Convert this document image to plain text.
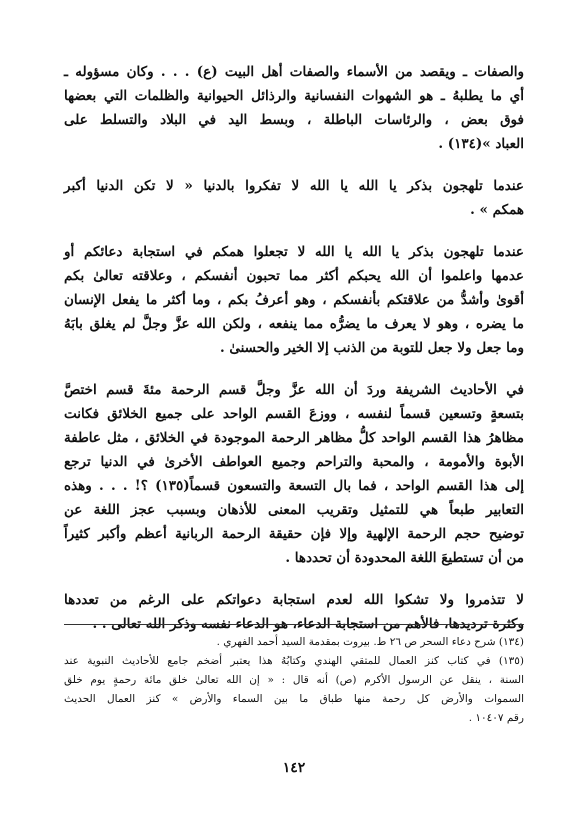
والصفات ـ ويقصد من الأسماء والصفات أهل البيت (ع) . . . وكان مسؤوله ـ
أي ما يطلبهُ ـ هو الشهوات النفسانية والرذائل الحيوانية والظلمات التي بعضها
فوق بعض ، والرئاسات الباطلة ، وبسط اليد في البلاد والتسلط على
العباد »(١٣٤) .

عندما تلهجون بذكر يا الله يا الله لا تفكروا بالدنيا « لا تكن الدنيا أكبر
همكم » .

عندما تلهجون بذكر يا الله يا الله لا تجعلوا همكم في استجابة دعائكم أو
عدمها واعلموا أن الله يحبكم أكثر مما تحبون أنفسكم ، وعلاقته تعالىٰ بكم
أقوىٰ وأشدُّ من علاقتكم بأنفسكم ، وهو أعرفُ بكم ، وما أكثر ما يفعل الإنسان
ما يضره ، وهو لا يعرف ما يضرُّه مما ينفعه ، ولكن الله عزَّ وجلَّ لم يغلق بابَهُ
وما جعل ولا جعل للتوبة من الذنب إلا الخير والحسنىٰ .

في الأحاديث الشريفة وردَ أن الله عزَّ وجلَّ قسم الرحمة مئةَ قسم اختصَّ
بتسعةٍ وتسعين قسماً لنفسه ، ووزعَ القسم الواحد على جميع الخلائق فكانت
مظاهرُ هذا القسم الواحد كلُّ مظاهر الرحمة الموجودة في الخلائق ، مثل عاطفة
الأبوة والأمومة ، والمحبة والتراحم وجميع العواطف الأخرىٰ في الدنيا ترجع
إلى هذا القسم الواحد ، فما بال التسعة والتسعون قسماً(١٣٥) ؟! . . . وهذه
التعابير طبعاً هي للتمثيل وتقريب المعنى للأذهان وبسبب عجز اللغة عن
توضيح حجم الرحمة الإلهية وإلا فإن حقيقة الرحمة الربانية أعظم وأكبر كثيراً
من أن تستطيعَ اللغة المحدودة أن تحددها .

لا تتذمروا ولا تشكوا الله لعدم استجابة دعواتكم على الرغم من تعددها
وكثرة ترديدها، فالأهم من استجابة الدعاء، هو الدعاء نفسه وذكر الله تعالى . .

(١٣٤) شرح دعاء السحر ص ٢٦ ط. بيروت بمقدمة السيد أحمد الفهري .
(١٣٥) في كتاب كنز العمال للمتقي الهندي وكتابُهُ هذا يعتبر أضخم جامع للأحاديث النبوية عند
السنة ، ينقل عن الرسول الأكرم (ص) أنه قال : « إن الله تعالىٰ خلق مائة رحمةٍ يوم خلق
السموات والأرض كل رحمة منها طباق ما بين السماء والأرض » كنز العمال الحديث
رقم ١٠٤٠٧ .
١٤٢
